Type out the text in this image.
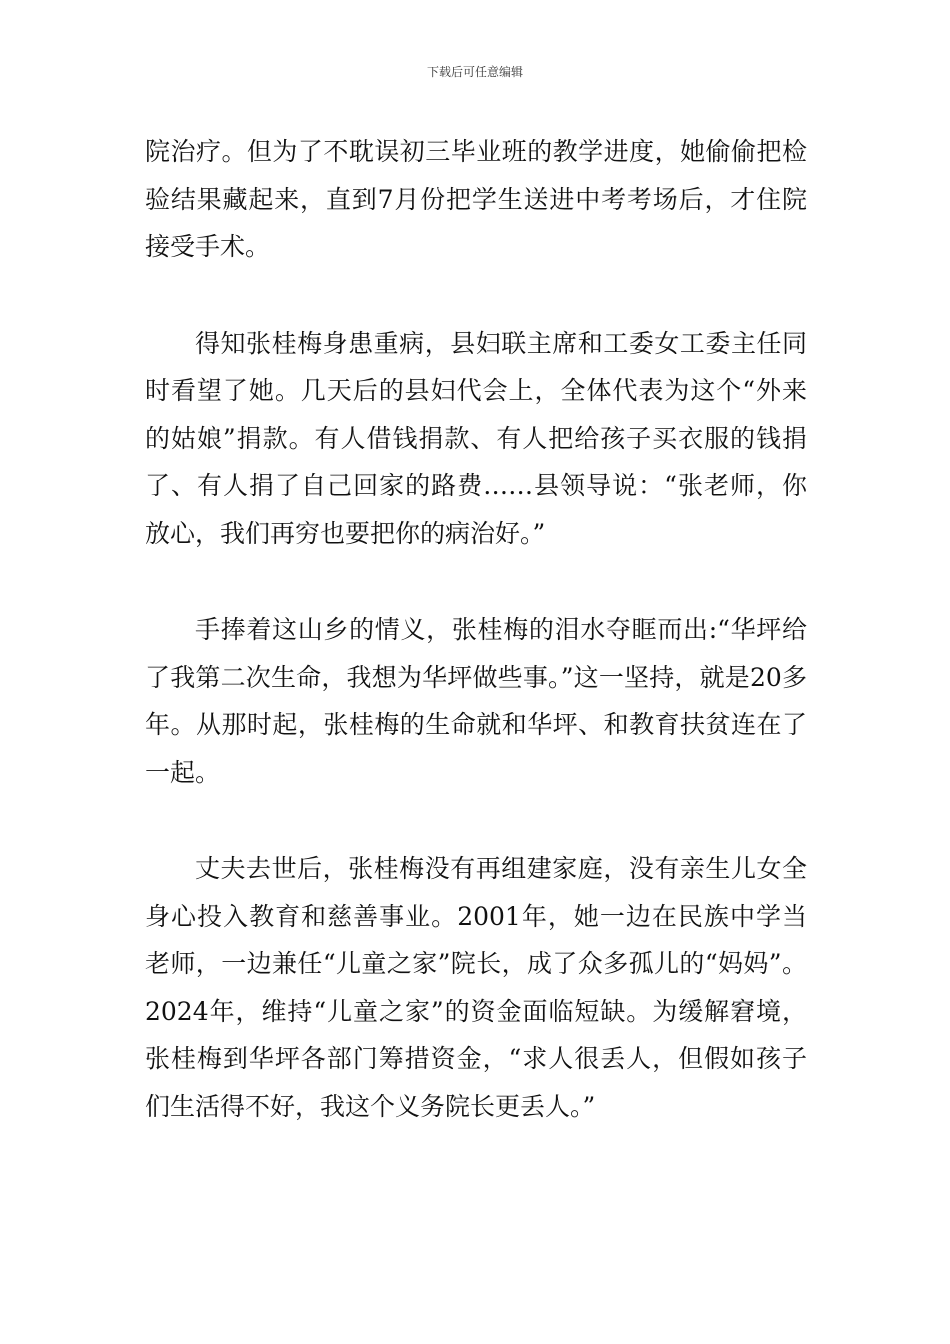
下载后可任意编辑

院治疗。但为了不耽误初三毕业班的教学进度，她偷偷把检验结果藏起来，直到7月份把学生送进中考考场后，才住院接受手术。

得知张桂梅身患重病，县妇联主席和工委女工委主任同时看望了她。几天后的县妇代会上，全体代表为这个“外来的姑娘”捐款。有人借钱捐款、有人把给孩子买衣服的钱捐了、有人捐了自己回家的路费……县领导说：“张老师，你放心，我们再穷也要把你的病治好。”

手捧着这山乡的情义，张桂梅的泪水夺眶而出:“华坪给了我第二次生命，我想为华坪做些事。”这一坚持，就是20多年。从那时起，张桂梅的生命就和华坪、和教育扶贫连在了一起。

丈夫去世后，张桂梅没有再组建家庭，没有亲生儿女全身心投入教育和慈善事业。2001年，她一边在民族中学当老师，一边兼任“儿童之家”院长，成了众多孤儿的“妈妈”。2024年，维持“儿童之家”的资金面临短缺。为缓解窘境，张桂梅到华坪各部门筹措资金，“求人很丢人，但假如孩子们生活得不好，我这个义务院长更丢人。”
